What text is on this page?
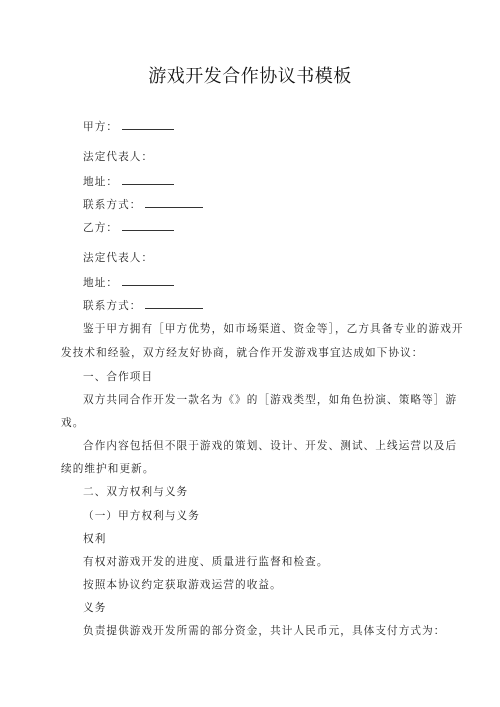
游戏开发合作协议书模板
甲方：
法定代表人：
地址：
联系方式：
乙方：
法定代表人：
地址：
联系方式：
鉴于甲方拥有［甲方优势，如市场渠道、资金等］，乙方具备专业的游戏开
发技术和经验，双方经友好协商，就合作开发游戏事宜达成如下协议：
一、合作项目
双方共同合作开发一款名为《》的［游戏类型，如角色扮演、策略等］游
戏。
合作内容包括但不限于游戏的策划、设计、开发、测试、上线运营以及后
续的维护和更新。
二、双方权利与义务
（一）甲方权利与义务
权利
有权对游戏开发的进度、质量进行监督和检查。
按照本协议约定获取游戏运营的收益。
义务
负责提供游戏开发所需的部分资金，共计人民币元，具体支付方式为：
